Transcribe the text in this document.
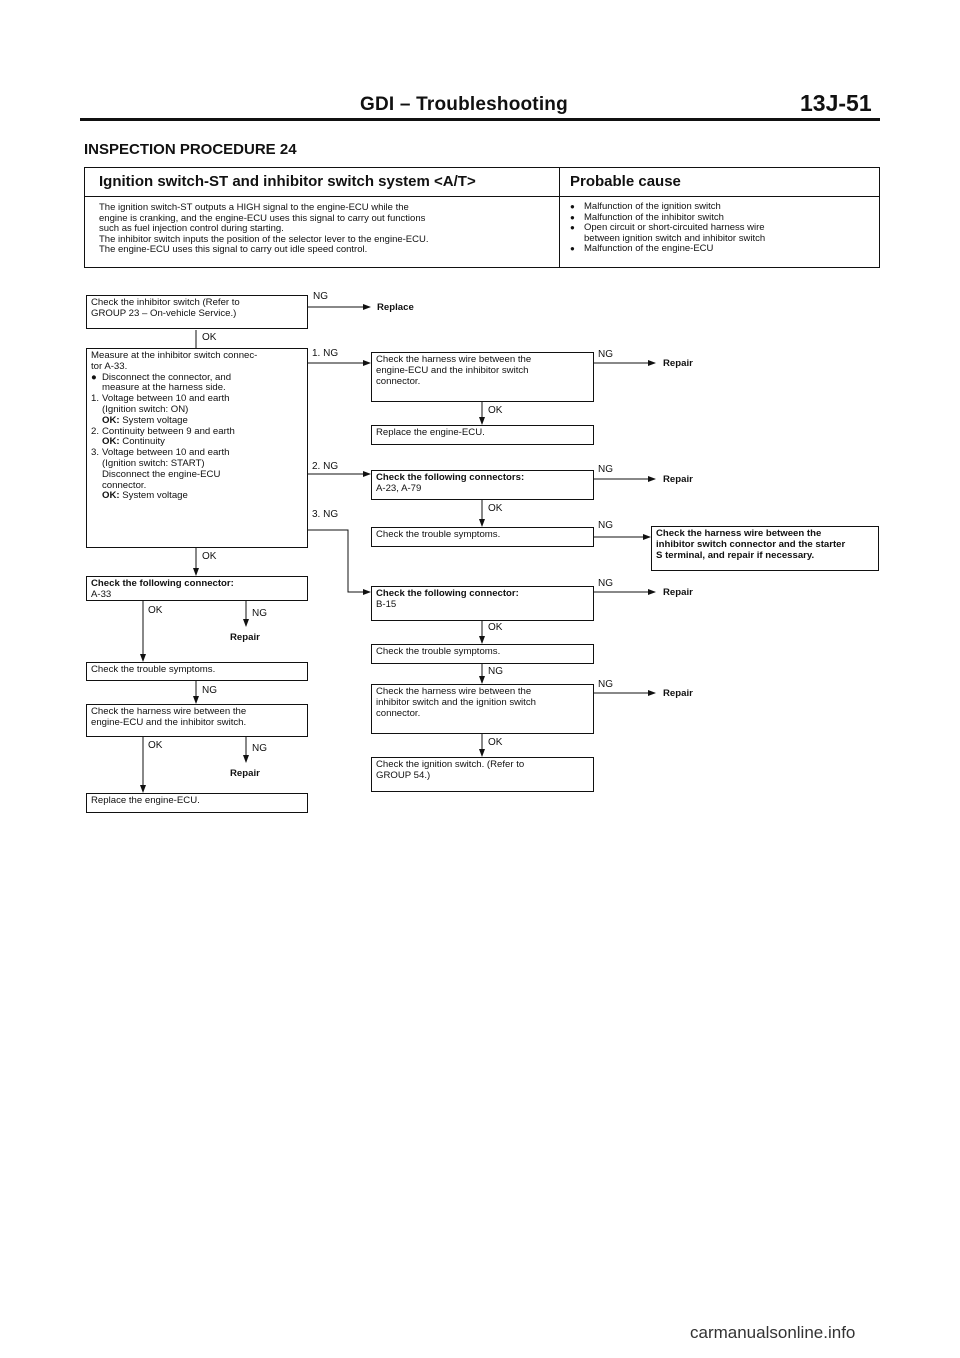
GDI – Troubleshooting	13J-51
INSPECTION PROCEDURE 24
Ignition switch-ST and inhibitor switch system <A/T>	Probable cause
The ignition switch-ST outputs a HIGH signal to the engine-ECU while the
engine is cranking, and the engine-ECU uses this signal to carry out functions
such as fuel injection control during starting.
The inhibitor switch inputs the position of the selector lever to the engine-ECU.
The engine-ECU uses this signal to carry out idle speed control.
● Malfunction of the ignition switch
● Malfunction of the inhibitor switch
● Open circuit or short-circuited harness wire
between ignition switch and inhibitor switch
● Malfunction of the engine-ECU
Check the inhibitor switch (Refer to
GROUP 23 – On-vehicle Service.)
Measure at the inhibitor switch connec-
tor A-33.
● Disconnect the connector, and
measure at the harness side.
1. Voltage between 10 and earth
(Ignition switch: ON)
OK: System voltage
2. Continuity between 9 and earth
OK: Continuity
3. Voltage between 10 and earth
(Ignition switch: START)
Disconnect the engine-ECU
connector.
OK: System voltage
Check the following connector:
A-33
Check the trouble symptoms.
Check the harness wire between the
engine-ECU and the inhibitor switch.
Replace the engine-ECU.
Check the harness wire between the
engine-ECU and the inhibitor switch
connector.
Replace the engine-ECU.
Check the following connectors:
A-23, A-79
Check the trouble symptoms.	Check the harness wire between the
inhibitor switch connector and the starter
S terminal, and repair if necessary.
Check the following connector:
B-15
Check the trouble symptoms.
Check the harness wire between the
inhibitor switch and the ignition switch
connector.
Check the ignition switch. (Refer to
GROUP 54.)
NG
Replace
OK
1. NG	NG
Repair
OK
2. NG	NG
Repair
OK
3. NG
NG
OK
NG
Repair
OK	NG
Repair
OK
NG
NG
NG
Repair
OK	NG
Repair
OK
carmanualsonline.info
